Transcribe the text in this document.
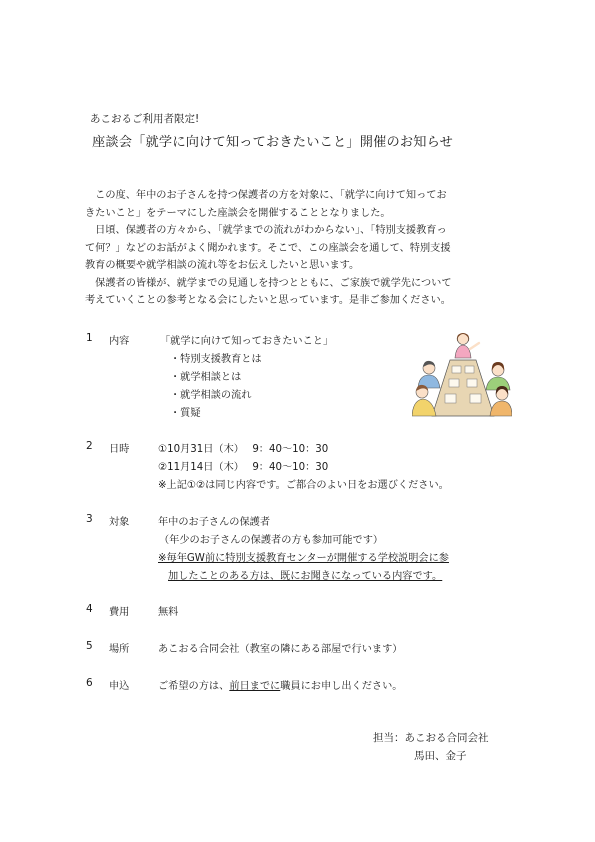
あこおるご利用者限定!
座談会「就学に向けて知っておきたいこと」開催のお知らせ

　この度、年中のお子さんを持つ保護者の方を対象に、「就学に向けて知ってお

きたいこと」をテーマにした座談会を開催することとなりました。

　日頃、保護者の方々から、「就学までの流れがわからない」、「特別支援教育っ

て何？」などのお話がよく聞かれます。そこで、この座談会を通して、特別支援

教育の概要や就学相談の流れ等をお伝えしたいと思います。

　保護者の皆様が、就学までの見通しを持つとともに、ご家族で就学先について

考えていくことの参考となる会にしたいと思っています。是非ご参加ください。

1 内容	「就学に向けて知っておきたいこと」
・特別支援教育とは
・就学相談とは
・就学相談の流れ
・質疑
2 日時	①10月31日（木）　 9：40～10：30
②11月14日（木）　 9：40～10：30
※上記①②は同じ内容です。ご都合のよい日をお選びください。
3 対象	年中のお子さんの保護者
（年少のお子さんの保護者の方も参加可能です）
※毎年GW前に特別支援教育センターが開催する学校説明会に参
加したことのある方は、既にお聞きになっている内容です。
4 費用	無料
5 場所	あこおる合同会社（教室の隣にある部屋で行います）
6 申込	ご希望の方は、前日までに職員にお申し出ください。
担当：あこおる合同会社
馬田、金子
